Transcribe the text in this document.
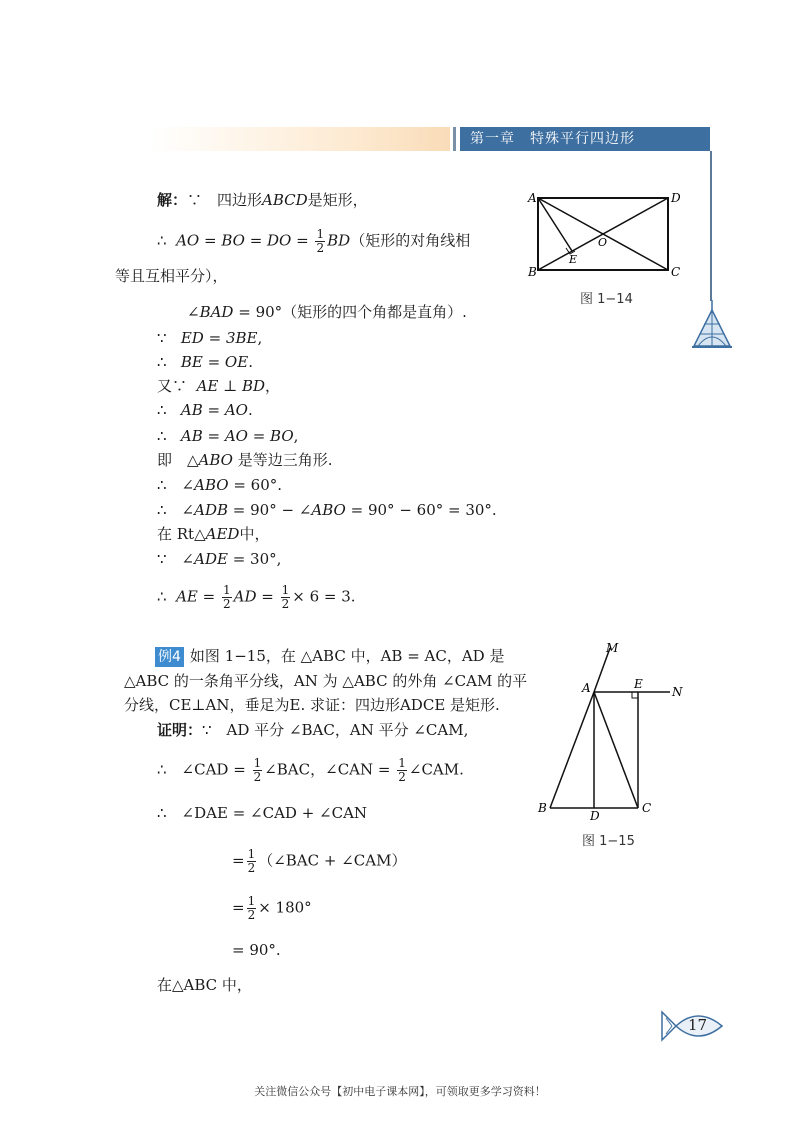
第一章　特殊平行四边形
解：∵　四边形ABCD是矩形，
∴ AO = BO = DO = $\frac{1}{2} BD$（矩形的对角线相
等且互相平分），
∠BAD = 90°（矩形的四个角都是直角）.
∵ ED = 3BE,
∴ BE = OE.
又∵ AE ⊥ BD，
∴ AB = AO.
∴ AB = AO = BO,
即　△ABO 是等边三角形.
∴　∠ABO = 60°.
∴　∠ADB = 90° − ∠ABO = 90° − 60° = 30°.
在 Rt△AED中，
∵　∠ADE = 30°,
∴ AE = $\frac{1}{2}$ AD = $\frac{1}{2} \times 6 = 3$.
A	D
B	C
E
O
图 1−14
例4 如图 1−15，在 △ABC 中，AB = AC，AD 是
△ABC 的一条角平分线，AN 为 △ABC 的外角 ∠CAM 的平
分线，CE⊥AN，垂足为E. 求证：四边形ADCE 是矩形.
证明：∵　AD 平分 ∠BAC，AN 平分 ∠CAM,
∴　∠CAD = $\frac{1}{2}$ ∠BAC，∠CAN = $\frac{1}{2}$ ∠CAM.
∴　∠DAE = ∠CAD + ∠CAN
= $\frac{1}{2}$ （∠BAC + ∠CAM）
= $\frac{1}{2} \times 180^\circ$
= 90°.
在△ABC 中，
M
A	E
N
B
D
C
图 1−15
17
关注微信公众号【初中电子课本网】，可领取更多学习资料！
